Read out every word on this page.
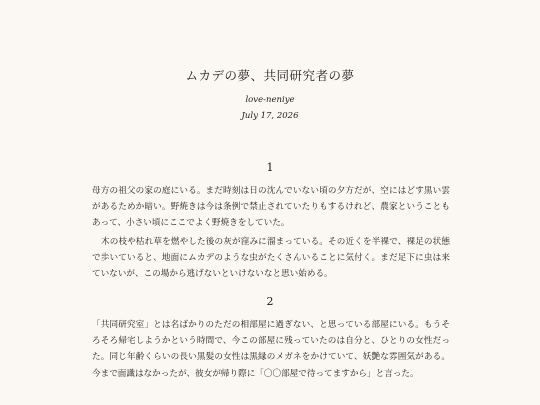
ムカデの夢、共同研究者の夢
love-neniye
July 17, 2026
1

母方の祖父の家の庭にいる。まだ時刻は日の沈んでいない頃の夕方だが、空にはどす黒い雲があるためか暗い。野焼きは今は条例で禁止されていたりもするけれど、農家ということもあって、小さい頃にここでよく野焼きをしていた。

木の枝や枯れ草を燃やした後の灰が窪みに溜まっている。その近くを半裸で、裸足の状態で歩いていると、地面にムカデのような虫がたくさんいることに気付く。まだ足下に虫は来ていないが、この場から逃げないといけないなと思い始める。

2

「共同研究室」とは名ばかりのただの相部屋に過ぎない、と思っている部屋にいる。もうそろそろ帰宅しようかという時間で、今この部屋に残っていたのは自分と、ひとりの女性だった。同じ年齢くらいの長い黒髪の女性は黒縁のメガネをかけていて、妖艶な雰囲気がある。今まで面識はなかったが、彼女が帰り際に「〇〇部屋で待ってますから」と言った。
